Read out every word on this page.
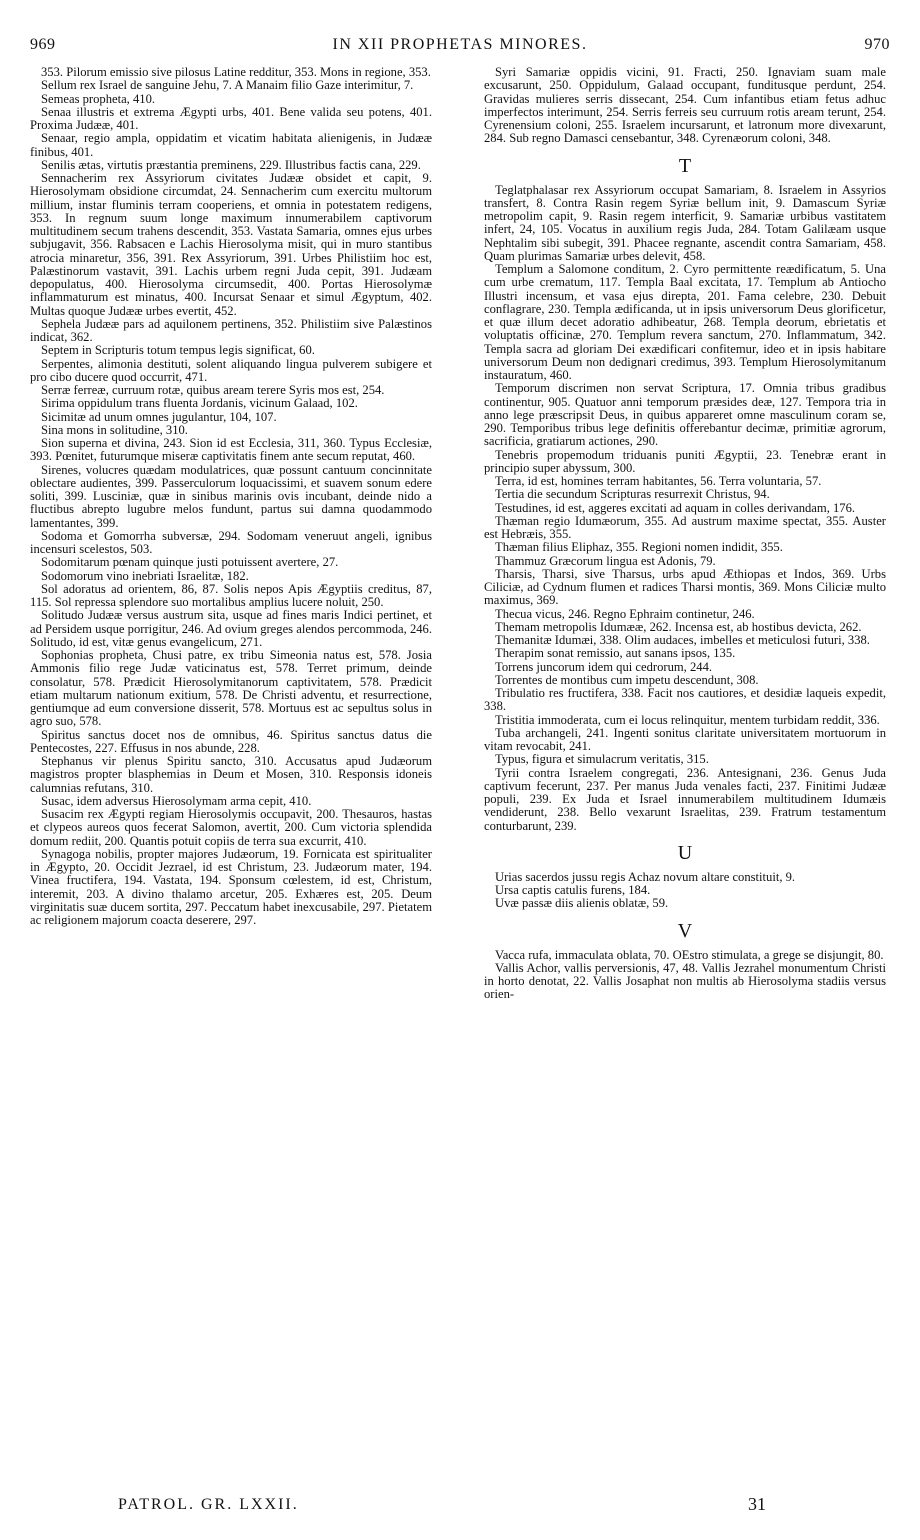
969	IN XII PROPHETAS MINORES.	970

353. Pilorum emissio sive pilosus Latine redditur, 353. Mons in regione, 353.

Sellum rex Israel de sanguine Jehu, 7. A Manaim filio Gaze interimitur, 7.

Semeas propheta, 410.

Senaa illustris et extrema Ægypti urbs, 401. Bene valida seu potens, 401. Proxima Judææ, 401.

Senaar, regio ampla, oppidatim et vicatim habitata alienigenis, in Judææ finibus, 401.

Senilis ætas, virtutis præstantia preminens, 229. Illustribus factis cana, 229.

Sennacherim rex Assyriorum civitates Judææ obsidet et capit, 9. Hierosolymam obsidione circumdat, 24. Sennacherim cum exercitu multorum millium, instar fluminis terram cooperiens, et omnia in potestatem redigens, 353. In regnum suum longe maximum innumerabilem captivorum multitudinem secum trahens descendit, 353. Vastata Samaria, omnes ejus urbes subjugavit, 356. Rabsacen e Lachis Hierosolyma misit, qui in muro stantibus atrocia minaretur, 356, 391. Rex Assyriorum, 391. Urbes Philistiim hoc est, Palæstinorum vastavit, 391. Lachis urbem regni Juda cepit, 391. Judæam depopulatus, 400. Hierosolyma circumsedit, 400. Portas Hierosolymæ inflammaturum est minatus, 400. Incursat Senaar et simul Ægyptum, 402. Multas quoque Judææ urbes evertit, 452.

Sephela Judææ pars ad aquilonem pertinens, 352. Philistiim sive Palæstinos indicat, 362.

Septem in Scripturis totum tempus legis significat, 60.

Serpentes, alimonia destituti, solent aliquando lingua pulverem subigere et pro cibo ducere quod occurrit, 471.

Serræ ferreæ, curruum rotæ, quibus aream terere Syris mos est, 254.

Sirima oppidulum trans fluenta Jordanis, vicinum Galaad, 102.

Sicimitæ ad unum omnes jugulantur, 104, 107.

Sina mons in solitudine, 310.

Sion superna et divina, 243. Sion id est Ecclesia, 311, 360. Typus Ecclesiæ, 393. Pœnitet, futurumque miseræ captivitatis finem ante secum reputat, 460.

Sirenes, volucres quædam modulatrices, quæ possunt cantuum concinnitate oblectare audientes, 399. Passerculorum loquacissimi, et suavem sonum edere soliti, 399. Lusciniæ, quæ in sinibus marinis ovis incubant, deinde nido a fluctibus abrepto lugubre melos fundunt, partus sui damna quodammodo lamentantes, 399.

Sodoma et Gomorrha subversæ, 294. Sodomam veneruut angeli, ignibus incensuri scelestos, 503.

Sodomitarum pœnam quinque justi potuissent avertere, 27.

Sodomorum vino inebriati Israelitæ, 182.

Sol adoratus ad orientem, 86, 87. Solis nepos Apis Ægyptiis creditus, 87, 115. Sol repressa splendore suo mortalibus amplius lucere noluit, 250.

Solitudo Judææ versus austrum sita, usque ad fines maris Indici pertinet, et ad Persidem usque porrigitur, 246. Ad ovium greges alendos percommoda, 246. Solitudo, id est, vitæ genus evangelicum, 271.

Sophonias propheta, Chusi patre, ex tribu Simeonia natus est, 578. Josia Ammonis filio rege Judæ vaticinatus est, 578. Terret primum, deinde consolatur, 578. Prædicit Hierosolymitanorum captivitatem, 578. Prædicit etiam multarum nationum exitium, 578. De Christi adventu, et resurrectione, gentiumque ad eum conversione disserit, 578. Mortuus est ac sepultus solus in agro suo, 578.

Spiritus sanctus docet nos de omnibus, 46. Spiritus sanctus datus die Pentecostes, 227. Effusus in nos abunde, 228.

Stephanus vir plenus Spiritu sancto, 310. Accusatus apud Judæorum magistros propter blasphemias in Deum et Mosen, 310. Responsis idoneis calumnias refutans, 310.

Susac, idem adversus Hierosolymam arma cepit, 410.

Susacim rex Ægypti regiam Hierosolymis occupavit, 200. Thesauros, hastas et clypeos aureos quos fecerat Salomon, avertit, 200. Cum victoria splendida domum rediit, 200. Quantis potuit copiis de terra sua excurrit, 410.

Synagoga nobilis, propter majores Judæorum, 19. Fornicata est spiritualiter in Ægypto, 20. Occidit Jezrael, id est Christum, 23. Judæorum mater, 194. Vinea fructifera, 194. Vastata, 194. Sponsum cœlestem, id est, Christum, interemit, 203. A divino thalamo arcetur, 205. Exhæres est, 205. Deum virginitatis suæ ducem sortita, 297. Peccatum habet inexcusabile, 297. Pietatem ac religionem majorum coacta deserere, 297.

Syri Samariæ oppidis vicini, 91. Fracti, 250. Ignaviam suam male excusarunt, 250. Oppidulum, Galaad occupant, funditusque perdunt, 254. Gravidas mulieres serris dissecant, 254. Cum infantibus etiam fetus adhuc imperfectos interimunt, 254. Serris ferreis seu curruum rotis aream terunt, 254. Cyrenensium coloni, 255. Israelem incursarunt, et latronum more divexarunt, 284. Sub regno Damasci censebantur, 348. Cyrenæorum coloni, 348.

T

Teglatphalasar rex Assyriorum occupat Samariam, 8. Israelem in Assyrios transfert, 8. Contra Rasin regem Syriæ bellum init, 9. Damascum Syriæ metropolim capit, 9. Rasin regem interficit, 9. Samariæ urbibus vastitatem infert, 24, 105. Vocatus in auxilium regis Juda, 284. Totam Galilæam usque Nephtalim sibi subegit, 391. Phacee regnante, ascendit contra Samariam, 458. Quam plurimas Samariæ urbes delevit, 458.

Templum a Salomone conditum, 2. Cyro permittente reædificatum, 5. Una cum urbe crematum, 117. Templa Baal excitata, 17. Templum ab Antiocho Illustri incensum, et vasa ejus direpta, 201. Fama celebre, 230. Debuit conflagrare, 230. Templa ædificanda, ut in ipsis universorum Deus glorificetur, et quæ illum decet adoratio adhibeatur, 268. Templa deorum, ebrietatis et voluptatis officinæ, 270. Templum revera sanctum, 270. Inflammatum, 342. Templa sacra ad gloriam Dei exædificari confitemur, ideo et in ipsis habitare universorum Deum non dedignari credimus, 393. Templum Hierosolymitanum instauratum, 460.

Temporum discrimen non servat Scriptura, 17. Omnia tribus gradibus continentur, 905. Quatuor anni temporum præsides deæ, 127. Tempora tria in anno lege præscripsit Deus, in quibus appareret omne masculinum coram se, 290. Temporibus tribus lege definitis offerebantur decimæ, primitiæ agrorum, sacrificia, gratiarum actiones, 290.

Tenebris propemodum triduanis puniti Ægyptii, 23. Tenebræ erant in principio super abyssum, 300.

Terra, id est, homines terram habitantes, 56. Terra voluntaria, 57.

Tertia die secundum Scripturas resurrexit Christus, 94.

Testudines, id est, aggeres excitati ad aquam in colles derivandam, 176.

Thæman regio Idumæorum, 355. Ad austrum maxime spectat, 355. Auster est Hebræis, 355.

Thæman filius Eliphaz, 355. Regioni nomen indidit, 355.

Thammuz Græcorum lingua est Adonis, 79.

Tharsis, Tharsi, sive Tharsus, urbs apud Æthiopas et Indos, 369. Urbs Ciliciæ, ad Cydnum flumen et radices Tharsi montis, 369. Mons Ciliciæ multo maximus, 369.

Thecua vicus, 246. Regno Ephraim continetur, 246.

Themam metropolis Idumææ, 262. Incensa est, ab hostibus devicta, 262.

Themanitæ Idumæi, 338. Olim audaces, imbelles et meticulosi futuri, 338.

Therapim sonat remissio, aut sanans ipsos, 135.

Torrens juncorum idem qui cedrorum, 244.

Torrentes de montibus cum impetu descendunt, 308.

Tribulatio res fructifera, 338. Facit nos cautiores, et desidiæ laqueis expedit, 338.

Tristitia immoderata, cum ei locus relinquitur, mentem turbidam reddit, 336.

Tuba archangeli, 241. Ingenti sonitus claritate universitatem mortuorum in vitam revocabit, 241.

Typus, figura et simulacrum veritatis, 315.

Tyrii contra Israelem congregati, 236. Antesignani, 236. Genus Juda captivum fecerunt, 237. Per manus Juda venales facti, 237. Finitimi Judææ populi, 239. Ex Juda et Israel innumerabilem multitudinem Idumæis vendiderunt, 238. Bello vexarunt Israelitas, 239. Fratrum testamentum conturbarunt, 239.

U

Urias sacerdos jussu regis Achaz novum altare constituit, 9.

Ursa captis catulis furens, 184.

Uvæ passæ diis alienis oblatæ, 59.

V

Vacca rufa, immaculata oblata, 70. OEstro stimulata, a grege se disjungit, 80.

Vallis Achor, vallis perversionis, 47, 48. Vallis Jezrahel monumentum Christi in horto denotat, 22. Vallis Josaphat non multis ab Hierosolyma stadiis versus orien-

PATROL. GR. LXXII.	31
